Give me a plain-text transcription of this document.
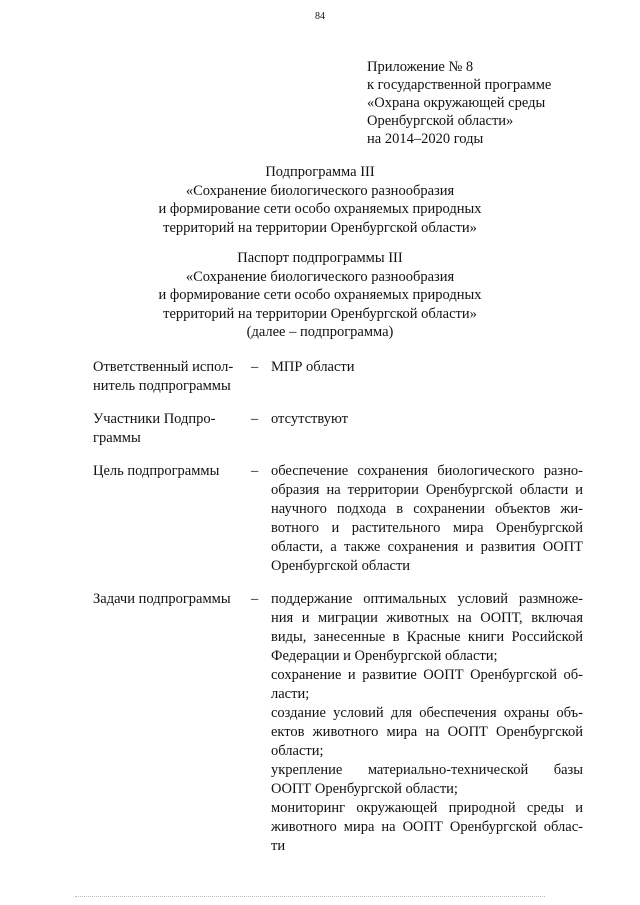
84
Приложение № 8
к государственной программе
«Охрана окружающей среды
Оренбургской области»
на 2014–2020 годы
Подпрограмма III
«Сохранение биологического разнообразия
и формирование сети особо охраняемых природных
территорий на территории Оренбургской области»
Паспорт подпрограммы III
«Сохранение биологического разнообразия
и формирование сети особо охраняемых природных
территорий на территории Оренбургской области»
(далее – подпрограмма)
Ответственный испол-
нитель подпрограммы
– МПР области
Участники Подпро-
граммы
– отсутствуют
Цель подпрограммы	– обеспечение сохранения биологического разно-
образия на территории Оренбургской области и
научного подхода в сохранении объектов жи-
вотного и растительного мира Оренбургской
области, а также сохранения и развития ООПТ
Оренбургской области
Задачи подпрограммы	– поддержание оптимальных условий размноже-
ния и миграции животных на ООПТ, включая
виды, занесенные в Красные книги Российской
Федерации и Оренбургской области;
сохранение и развитие ООПТ Оренбургской об-
ласти;
создание условий для обеспечения охраны объ-
ектов животного мира на ООПТ Оренбургской
области;
укрепление материально-технической базы
ООПТ Оренбургской области;
мониторинг окружающей природной среды и
животного мира на ООПТ Оренбургской облас-
ти
